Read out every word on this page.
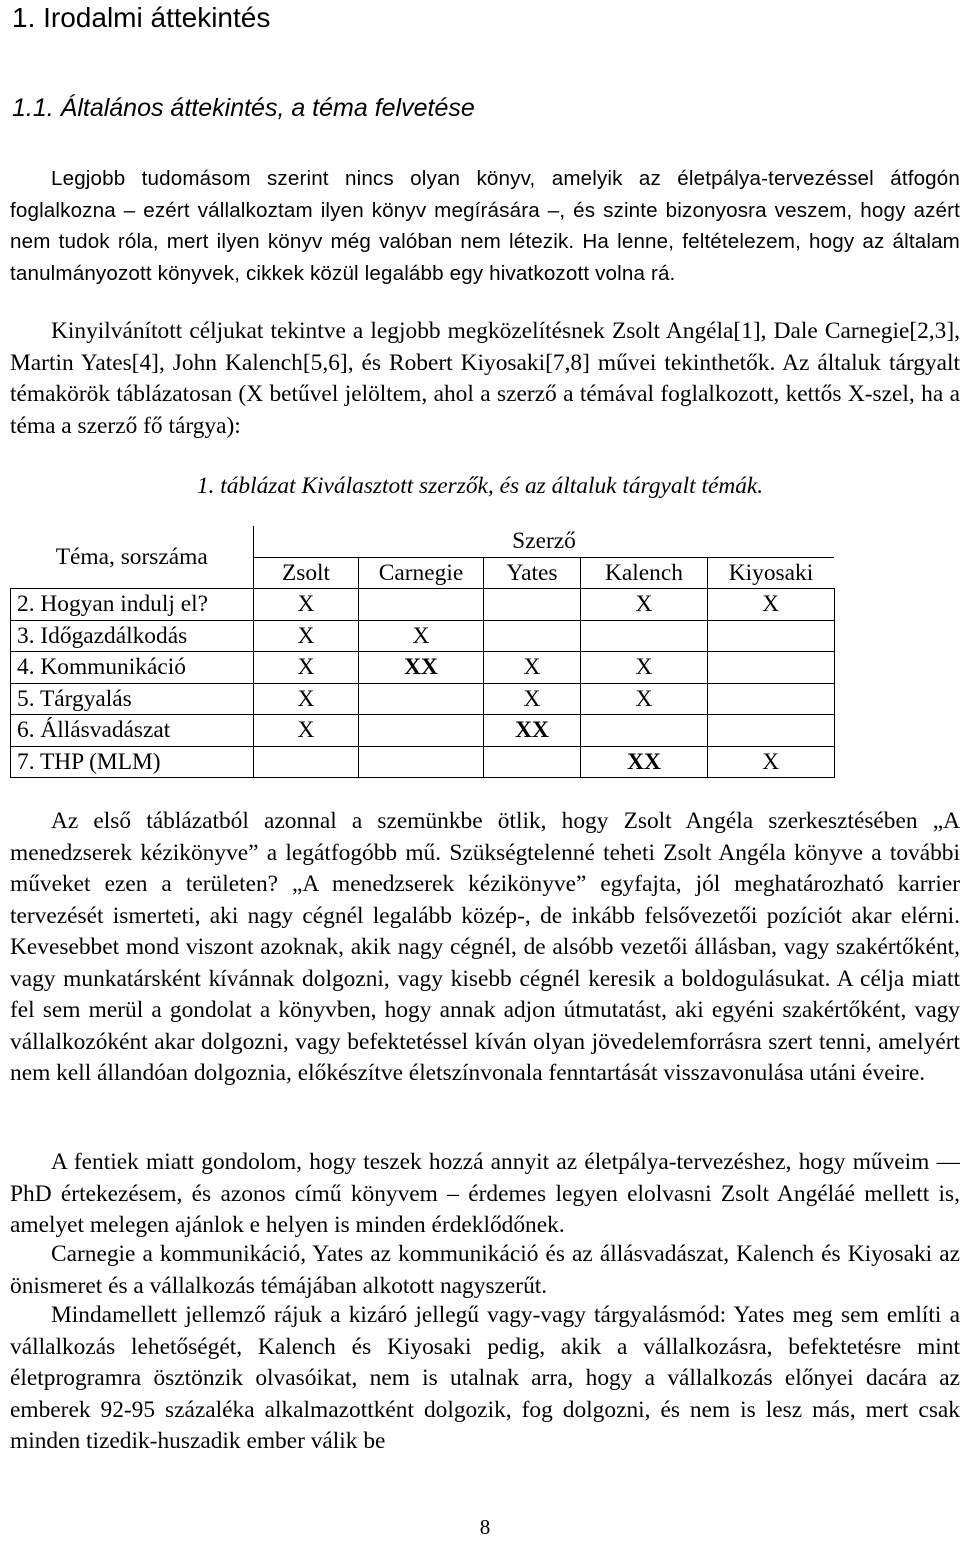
1. Irodalmi áttekintés
1.1. Általános áttekintés, a téma felvetése

Legjobb tudomásom szerint nincs olyan könyv, amelyik az életpálya-tervezéssel átfogón foglalkozna – ezért vállalkoztam ilyen könyv megírására –, és szinte bizonyosra veszem, hogy azért nem tudok róla, mert ilyen könyv még valóban nem létezik. Ha lenne, feltételezem, hogy az általam tanulmányozott könyvek, cikkek közül legalább egy hivatkozott volna rá.

Kinyilvánított céljukat tekintve a legjobb megközelítésnek Zsolt Angéla[1], Dale Carnegie[2,3], Martin Yates[4], John Kalench[5,6], és Robert Kiyosaki[7,8] művei tekinthetők. Az általuk tárgyalt témakörök táblázatosan (X betűvel jelöltem, ahol a szerző a témával foglalkozott, kettős X-szel, ha a téma a szerző fő tárgya):

1. táblázat Kiválasztott szerzők, és az általuk tárgyalt témák.

Téma, sorszáma	Szerző				
	Zsolt	Carnegie	Yates	Kalench	Kiyosaki
2. Hogyan indulj el?	X			X	X
3. Időgazdálkodás	X	X			
4. Kommunikáció	X	XX	X	X	
5. Tárgyalás	X		X	X	
6. Állásvadászat	X		XX		
7. THP (MLM)				XX	X

Az első táblázatból azonnal a szemünkbe ötlik, hogy Zsolt Angéla szerkesztésében „A menedzserek kézikönyve” a legátfogóbb mű. Szükségtelenné teheti Zsolt Angéla könyve a további műveket ezen a területen? „A menedzserek kézikönyve” egyfajta, jól meghatározható karrier tervezését ismerteti, aki nagy cégnél legalább közép-, de inkább felsővezetői pozíciót akar elérni. Kevesebbet mond viszont azoknak, akik nagy cégnél, de alsóbb vezetői állásban, vagy szakértőként, vagy munkatársként kívánnak dolgozni, vagy kisebb cégnél keresik a boldogulásukat. A célja miatt fel sem merül a gondolat a könyvben, hogy annak adjon útmutatást, aki egyéni szakértőként, vagy vállalkozóként akar dolgozni, vagy befektetéssel kíván olyan jövedelemforrásra szert tenni, amelyért nem kell állandóan dolgoznia, előkészítve életszínvonala fenntartását visszavonulása utáni éveire.

A fentiek miatt gondolom, hogy teszek hozzá annyit az életpálya-tervezéshez, hogy műveim — PhD értekezésem, és azonos című könyvem – érdemes legyen elolvasni Zsolt Angéláé mellett is, amelyet melegen ajánlok e helyen is minden érdeklődőnek.

Carnegie a kommunikáció, Yates az kommunikáció és az állásvadászat, Kalench és Kiyosaki az önismeret és a vállalkozás témájában alkotott nagyszerűt.

Mindamellett jellemző rájuk a kizáró jellegű vagy-vagy tárgyalásmód: Yates meg sem említi a vállalkozás lehetőségét, Kalench és Kiyosaki pedig, akik a vállalkozásra, befektetésre mint életprogramra ösztönzik olvasóikat, nem is utalnak arra, hogy a vállalkozás előnyei dacára az emberek 92-95 százaléka alkalmazottként dolgozik, fog dolgozni, és nem is lesz más, mert csak minden tizedik-huszadik ember válik be

8
